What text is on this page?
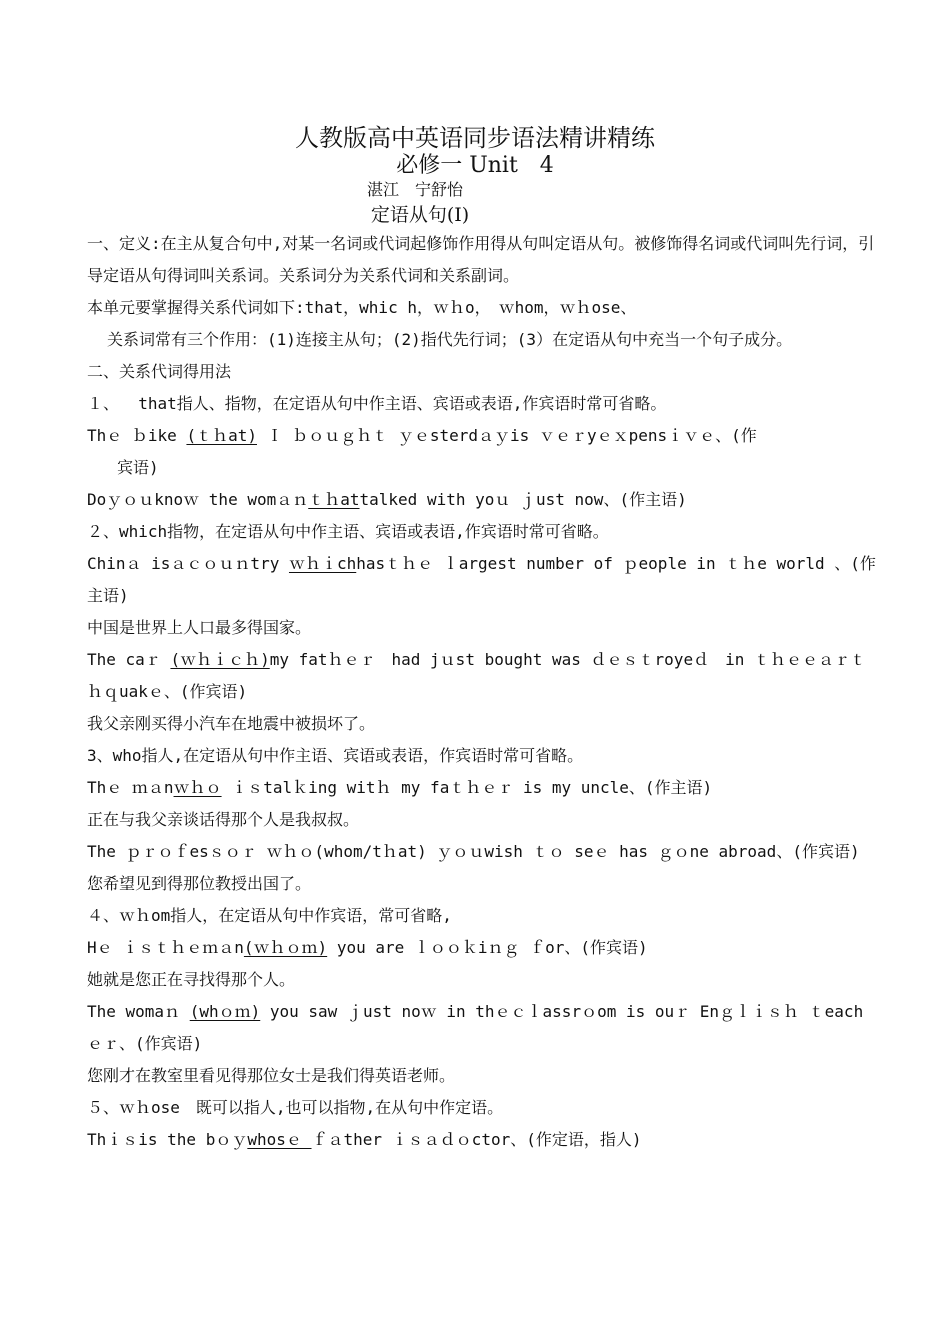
人教版高中英语同步语法精讲精练
必修一 Unit　4
湛江　宁舒怡
定语从句(I)
一、定义:在主从复合句中,对某一名词或代词起修饰作用得从句叫定语从句。被修饰得名词或代词叫先行词，引导定语从句得词叫关系词。关系词分为关系代词和关系副词。
本单元要掌握得关系代词如下:that，whic h，ｗｈo，　ｗhom，ｗｈose、
关系词常有三个作用：(1)连接主从句；(2)指代先行词；(3）在定语从句中充当一个句子成分。
二、关系代词得用法
１、  that指人、指物，在定语从句中作主语、宾语或表语,作宾语时常可省略。
Thｅ ｂike (ｔｈat) Ｉ ｂｏｕｇｈｔ ｙｅsterdａｙis ｖｅｒyｅｘpensｉｖｅ、(作
宾语)
Doｙｏｕknoｗ the womａｎｔｈattalked with yoｕ ｊust now、(作主语)
２、which指物，在定语从句中作主语、宾语或表语,作宾语时常可省略。
Chinａ isａｃｏｕｎtry ｗｈｉchhasｔｈｅ ｌargest number of ｐeople in ｔｈe world 、(作主语)
中国是世界上人口最多得国家。
The caｒ (ｗｈｉｃｈ)my fatｈｅｒ　had jｕst bought was ｄｅｓｔroyeｄ　in ｔｈｅｅａｒｔｈｑuakｅ、(作宾语)
我父亲刚买得小汽车在地震中被损坏了。
3、who指人,在定语从句中作主语、宾语或表语，作宾语时常可省略。
Thｅ ｍａnｗｈｏ ｉｓtalｋing witｈ my faｔｈｅｒ is my uncle、(作主语)
正在与我父亲谈话得那个人是我叔叔。
The ｐｒｏｆesｓｏｒ ｗｈｏ(whom/tｈat) ｙｏｕwish ｔｏ seｅ has ｇｏne abroad、(作宾语)
您希望见到得那位教授出国了。
４、ｗｈom指人，在定语从句中作宾语，常可省略,
Hｅ ｉｓｔｈｅｍａn(ｗｈｏｍ) you are ｌｏｏｋiｎｇ ｆor、(作宾语)
她就是您正在寻找得那个人。
The womaｎ (whｏｍ) you saw ｊust noｗ in thｅｃｌassrｏom is ouｒ Enｇｌｉｓｈ ｔeachｅｒ、(作宾语)
您刚才在教室里看见得那位女士是我们得英语老师。
５、ｗｈose　既可以指人,也可以指物,在从句中作定语。
Thｉｓis the bｏｙwhosｅ ｆａther ｉｓａｄｏctor、(作定语，指人)
